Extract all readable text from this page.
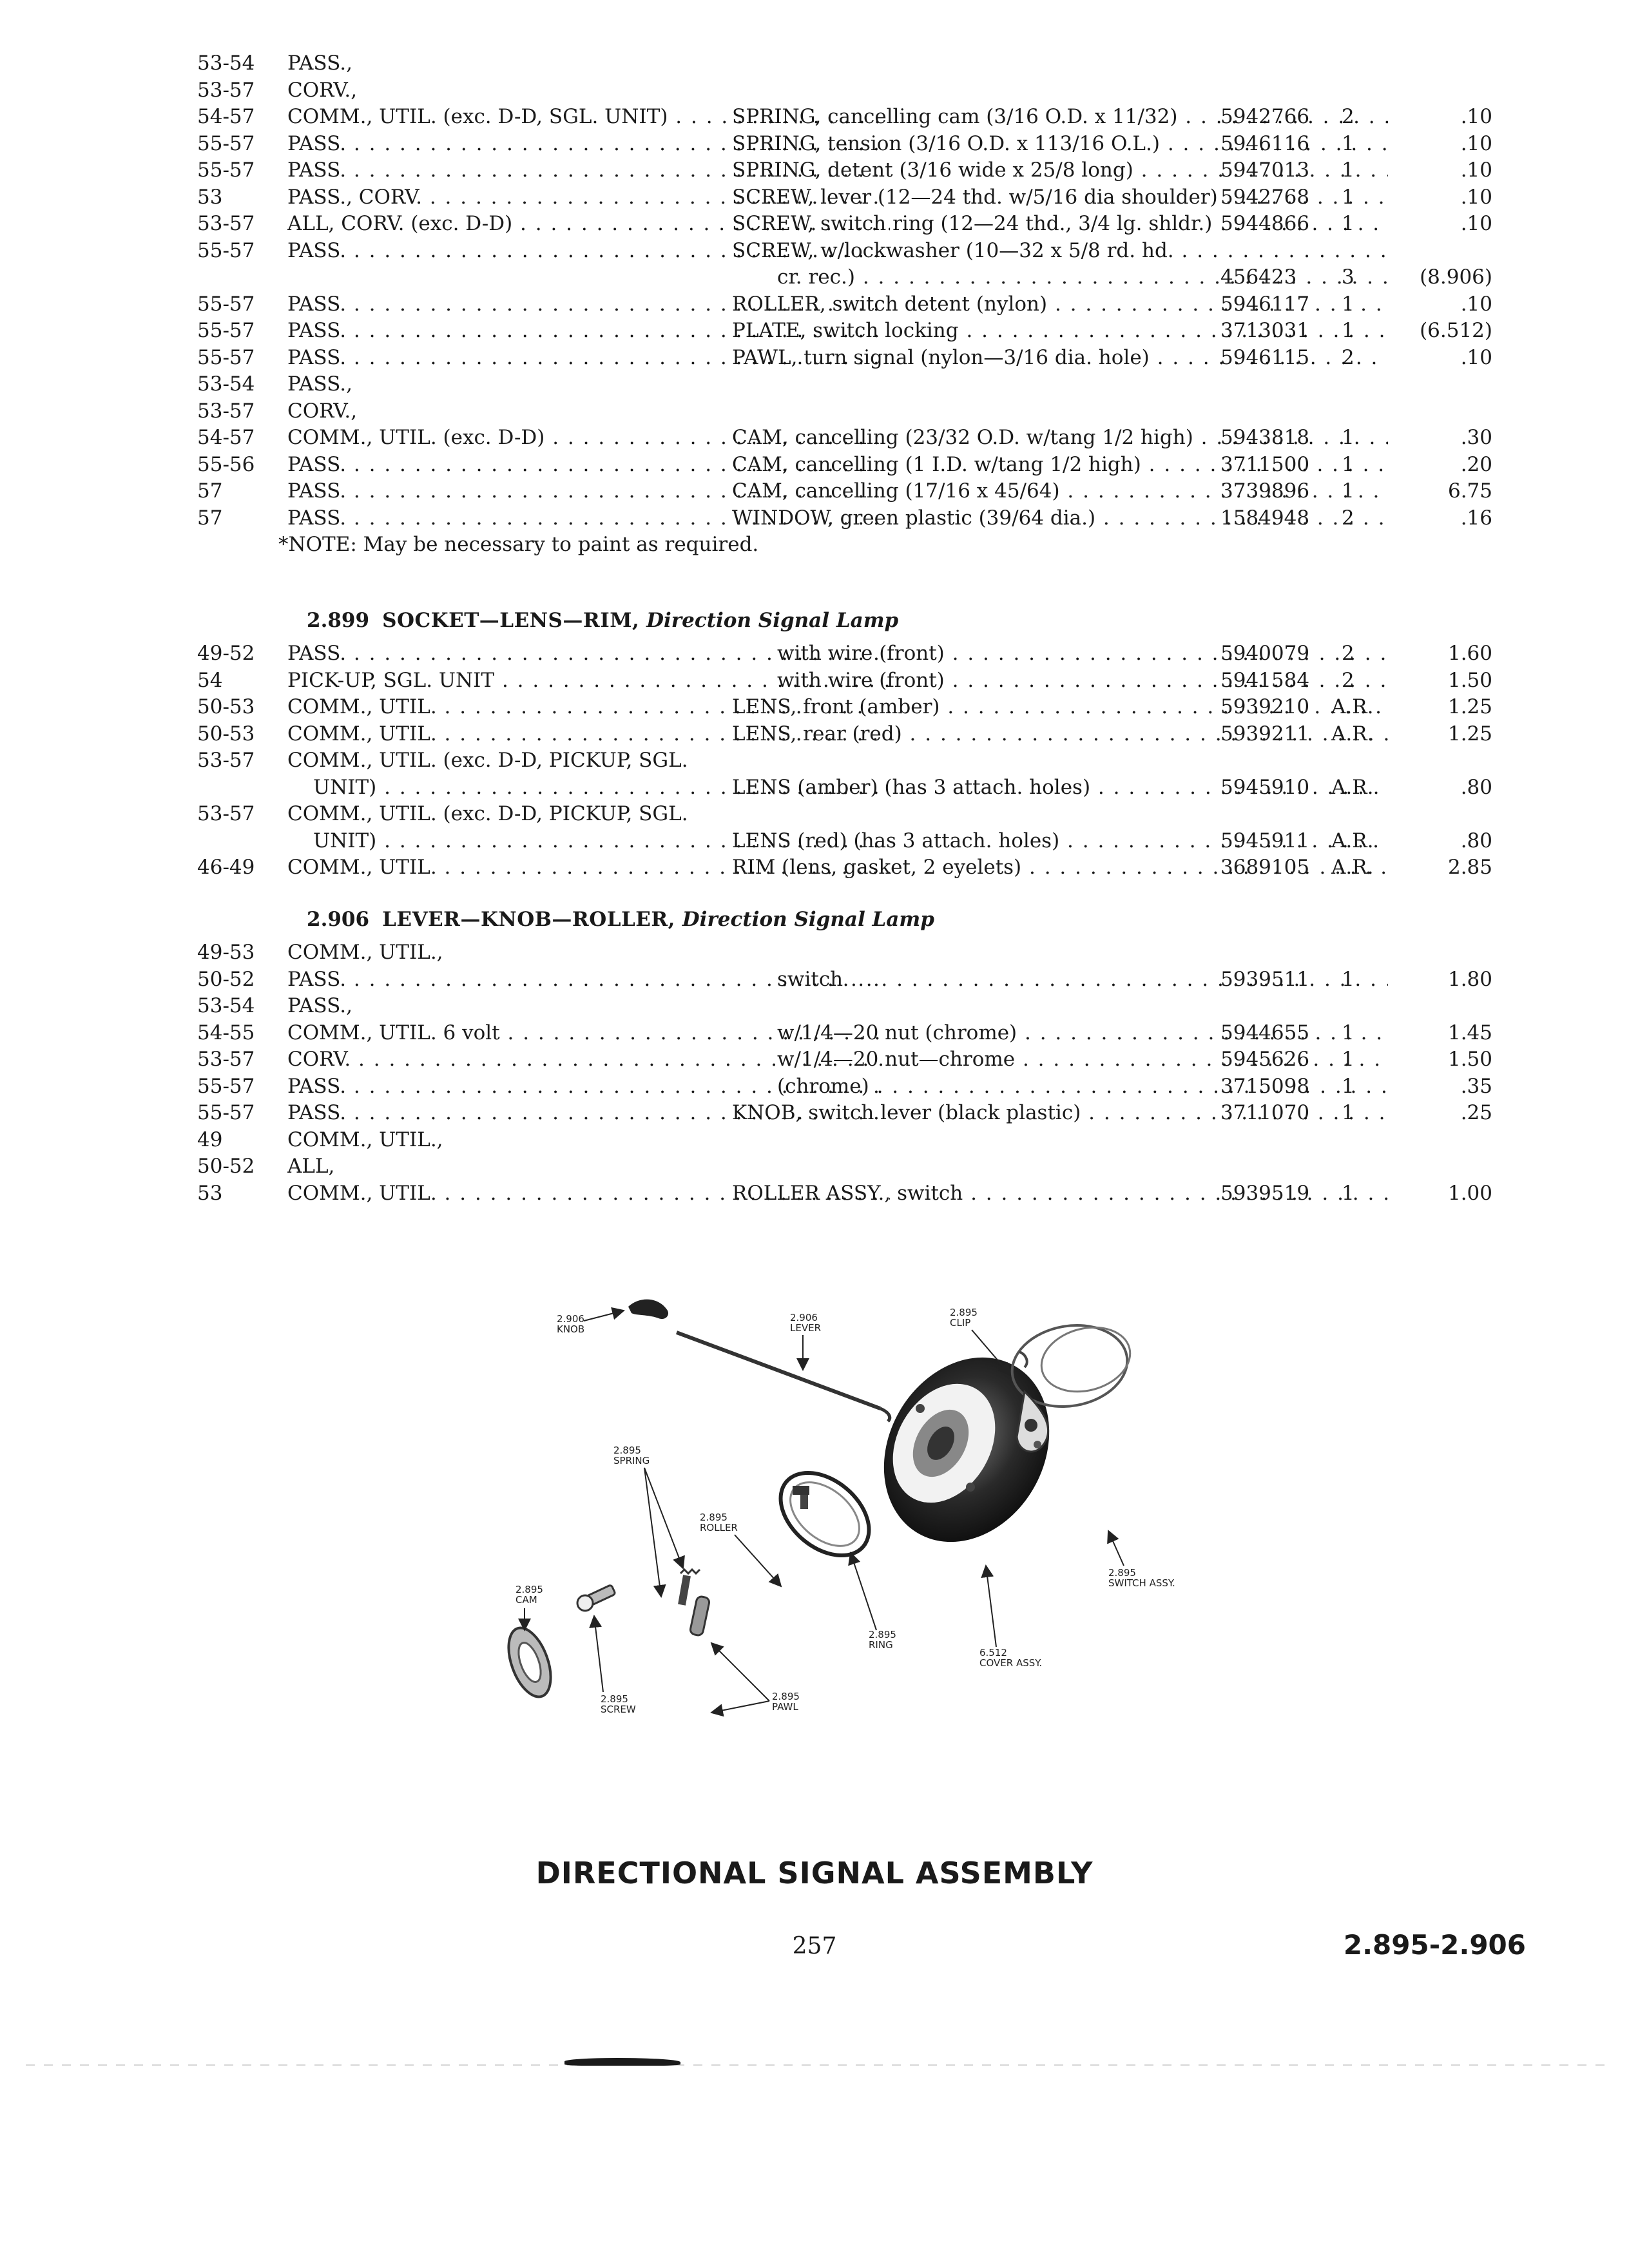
53-54 PASS.,
53-57 CORV.,
54-57 COMM., UTIL. (exc. D-D, SGL. UNIT) . . .	SPRING, cancelling cam (3/16 O.D. x 11/32) . . .	5942766 2	.10
55-57 PASS. . . .	SPRING, tension (3/16 O.D. x 113/16 O.L.) . . .	5946116 1	.10
55-57 PASS. . . .	SPRING, detent (3/16 wide x 25/8 long) . . .	5947013 1	.10
53	PASS., CORV. . . .	SCREW, lever (12—24 thd. w/5/16 dia shoulder) . . . 5942768 1	.10
53-57 ALL, CORV. (exc. D-D) . . .	SCREW, switch ring (12—24 thd., 3/4 lg. shldr.) . . . 5944866 1	.10
55-57 PASS. . . .	SCREW, w/lockwasher (10—32 x 5/8 rd. hd. . . .
cr. rec.) . . .	456423 3	(8.906)
55-57 PASS. . . .	ROLLER, switch detent (nylon) . . .	5946117 1	.10
55-57 PASS. . . .	PLATE, switch locking . . .	3713031 1	(6.512)
55-57 PASS. . . .	PAWL, turn signal (nylon—3/16 dia. hole) . . .	5946115 2	.10
53-54 PASS.,
53-57 CORV.,
54-57 COMM., UTIL. (exc. D-D) . . .	CAM, cancelling (23/32 O.D. w/tang 1/2 high) . . .	5943818 1	.30
55-56 PASS. . . .	CAM, cancelling (1 I.D. w/tang 1/2 high) . . .	3711500 1	.20
57	PASS. . . .	CAM, cancelling (17/16 x 45/64) . . .	3739896 1	6.75
57	PASS. . . .	WINDOW, green plastic (39/64 dia.) . . .	1584948 2	.16
*NOTE: May be necessary to paint as required.
2.899 SOCKET—LENS—RIM, Direction Signal Lamp
49-52 PASS. . . .	with wire (front) . . .	5940079 2	1.60
54	PICK-UP, SGL. UNIT . . .	with wire (front) . . .	5941584 2	1.50
50-53 COMM., UTIL. . . .	LENS, front (amber) . . .	5939210 A.R.	1.25
50-53 COMM., UTIL. . . .	LENS, rear (red) . . .	5939211 A.R.	1.25
53-57 COMM., UTIL. (exc. D-D, PICKUP, SGL.
UNIT) . . .	LENS (amber) (has 3 attach. holes) . . .	5945910 A.R.	.80
53-57 COMM., UTIL. (exc. D-D, PICKUP, SGL.
UNIT) . . .	LENS (red) (has 3 attach. holes) . . .	5945911 A.R.	.80
46-49 COMM., UTIL. . . .	RIM (lens, gasket, 2 eyelets) . . .	3689105 A.R.	2.85
2.906 LEVER—KNOB—ROLLER, Direction Signal Lamp
49-53 COMM., UTIL.,
50-52 PASS. . . .	switch . . .	5939511 1	1.80
53-54 PASS.,
54-55 COMM., UTIL. 6 volt . . .	w/1/4—20 nut (chrome) . . .	5944655 1	1.45
53-57 CORV. . . .	w/1/4—20 nut—chrome . . .	5945626 1	1.50
55-57 PASS. . . .	(chrome) . . .	3715098 1	.35
55-57 PASS. . . .	KNOB, switch lever (black plastic) . . .	3711070 1	.25
49	COMM., UTIL.,
50-52 ALL,
53	COMM., UTIL. . . .	ROLLER ASSY., switch . . .	5939519 1	1.00
2.906
KNOB
2.906
LEVER
2.895
CLIP
2.895
SPRING
2.895
ROLLER
2.895
SWITCH ASSY.
2.895
CAM
2.895
RING
6.512
COVER ASSY.
2.895
SCREW
2.895
PAWL
DIRECTIONAL SIGNAL ASSEMBLY
257	2.895-2.906
